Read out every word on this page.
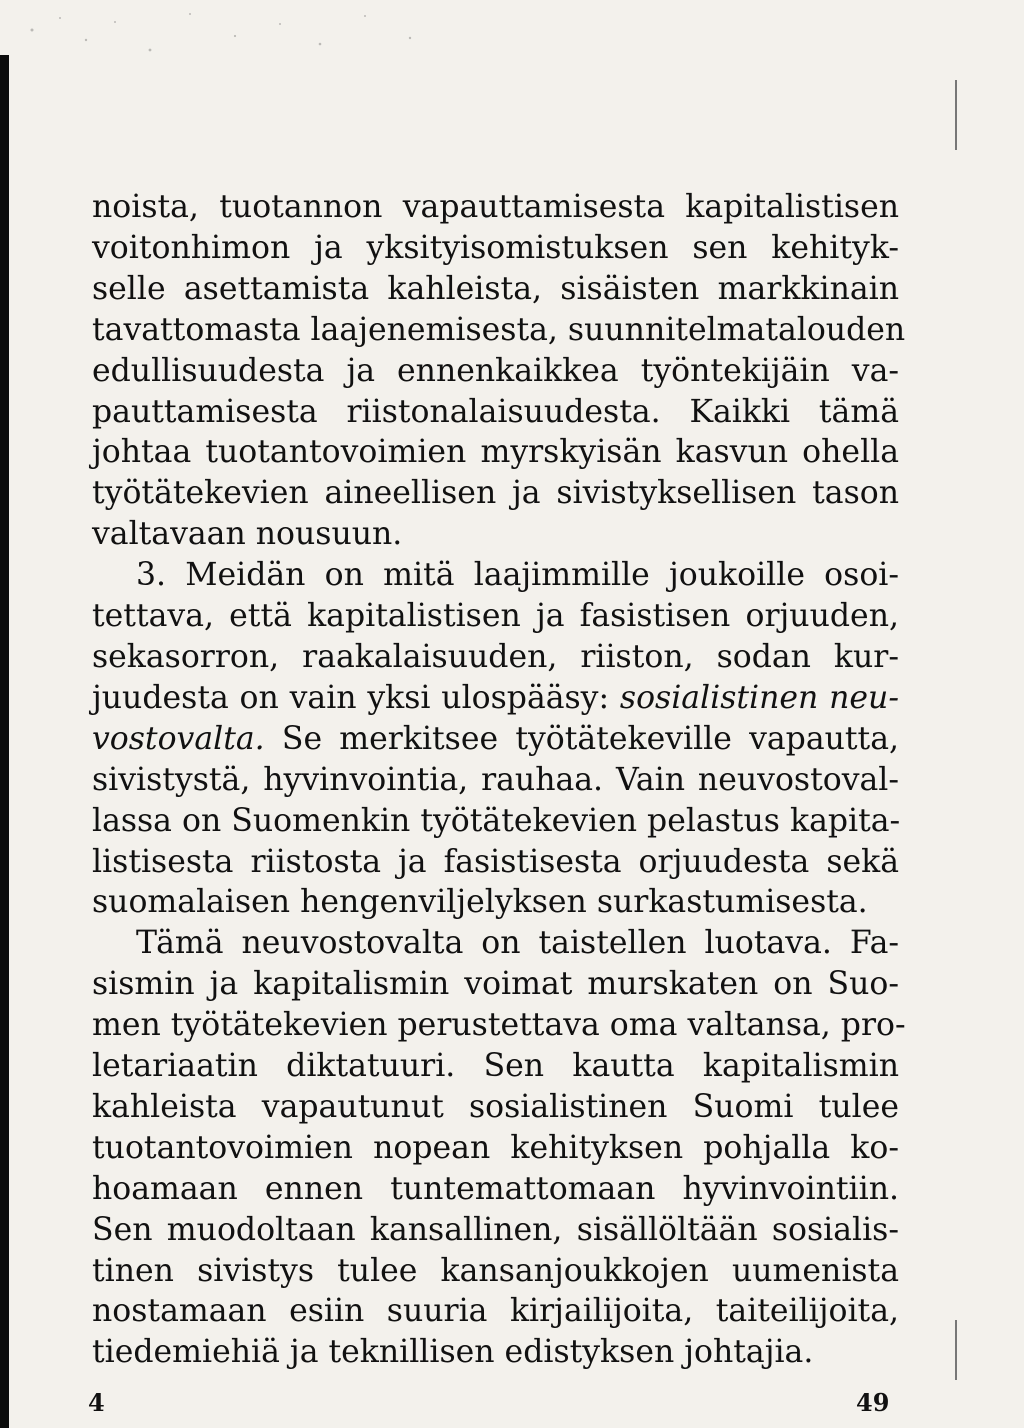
noista, tuotannon vapauttamisesta kapitalistisen
voitonhimon ja yksityisomistuksen sen kehityk-
selle asettamista kahleista, sisäisten markkinain
tavattomasta laajenemisesta, suunnitelmatalouden
edullisuudesta ja ennenkaikkea työntekijäin va-
pauttamisesta riistonalaisuudesta. Kaikki tämä
johtaa tuotantovoimien myrskyisän kasvun ohella
työtätekevien aineellisen ja sivistyksellisen tason
valtavaan nousuun.
3. Meidän on mitä laajimmille joukoille osoi-
tettava, että kapitalistisen ja fasistisen orjuuden,
sekasorron, raakalaisuuden, riiston, sodan kur-
juudesta on vain yksi ulospääsy: sosialistinen neu-
vostovalta. Se merkitsee työtätekeville vapautta,
sivistystä, hyvinvointia, rauhaa. Vain neuvostoval-
lassa on Suomenkin työtätekevien pelastus kapita-
listisesta riistosta ja fasistisesta orjuudesta sekä
suomalaisen hengenviljelyksen surkastumisesta.
Tämä neuvostovalta on taistellen luotava. Fa-
sismin ja kapitalismin voimat murskaten on Suo-
men työtätekevien perustettava oma valtansa, pro-
letariaatin diktatuuri. Sen kautta kapitalismin
kahleista vapautunut sosialistinen Suomi tulee
tuotantovoimien nopean kehityksen pohjalla ko-
hoamaan ennen tuntemattomaan hyvinvointiin.
Sen muodoltaan kansallinen, sisällöltään sosialis-
tinen sivistys tulee kansanjoukkojen uumenista
nostamaan esiin suuria kirjailijoita, taiteilijoita,
tiedemiehiä ja teknillisen edistyksen johtajia.
4	49
